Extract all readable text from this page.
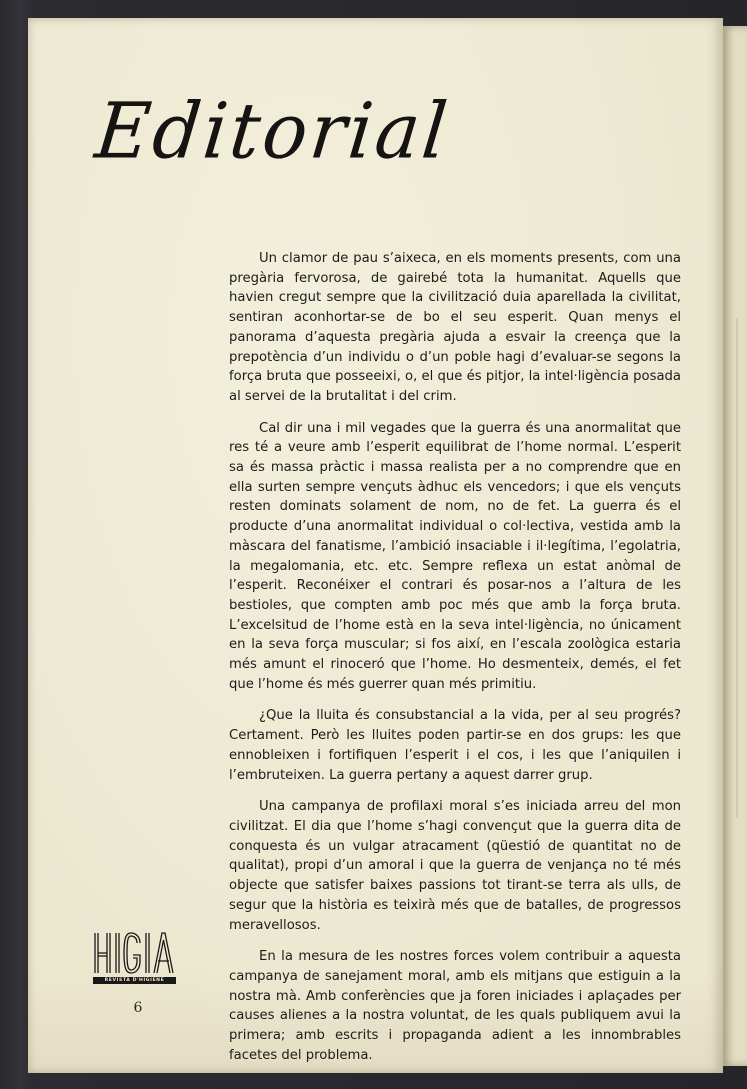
Editorial

Un clamor de pau s’aixeca, en els moments presents, com una pregària fervorosa, de gairebé tota la humanitat. Aquells que havien cregut sempre que la civilització duia aparellada la civilitat, sentiran aconhortar-se de bo el seu esperit. Quan menys el panorama d’aquesta pregària ajuda a esvair la creença que la prepotència d’un individu o d’un poble hagi d’evaluar-se segons la força bruta que posseeixi, o, el que és pitjor, la intel·ligència posada al servei de la brutalitat i del crim.

Cal dir una i mil vegades que la guerra és una anormalitat que res té a veure amb l’esperit equilibrat de l’home normal. L’esperit sa és massa pràctic i massa realista per a no comprendre que en ella surten sempre vençuts àdhuc els vencedors; i que els vençuts resten dominats solament de nom, no de fet. La guerra és el producte d’una anormalitat individual o col·lectiva, vestida amb la màscara del fanatisme, l’ambició insaciable i il·legítima, l’egolatria, la megalomania, etc. etc. Sempre reflexa un estat anòmal de l’esperit. Reconéixer el contrari és posar-nos a l’altura de les bestioles, que compten amb poc més que amb la força bruta. L’excelsitud de l’home està en la seva intel·ligència, no únicament en la seva força muscular; si fos així, en l’escala zoològica estaria més amunt el rinoceró que l’home. Ho desmenteix, demés, el fet que l’home és més guerrer quan més primitiu.

¿Que la lluita és consubstancial a la vida, per al seu progrés? Certament. Però les lluites poden partir-se en dos grups: les que ennobleixen i fortifiquen l’esperit i el cos, i les que l’aniquilen i l’embruteixen. La guerra pertany a aquest darrer grup.

Una campanya de profilaxi moral s’es iniciada arreu del mon civilitzat. El dia que l’home s’hagi convençut que la guerra dita de conquesta és un vulgar atracament (qüestió de quantitat no de qualitat), propi d’un amoral i que la guerra de venjança no té més objecte que satisfer baixes passions tot tirant-se terra als ulls, de segur que la història es teixirà més que de batalles, de progressos meravellosos.

En la mesura de les nostres forces volem contribuir a aquesta campanya de sanejament moral, amb els mitjans que estiguin a la nostra mà. Amb conferències que ja foren iniciades i aplaçades per causes alienes a la nostra voluntat, de les quals publiquem avui la primera; amb escrits i propaganda adient a les innombrables facetes del problema.

REVISTA D'HIGIENE
6
